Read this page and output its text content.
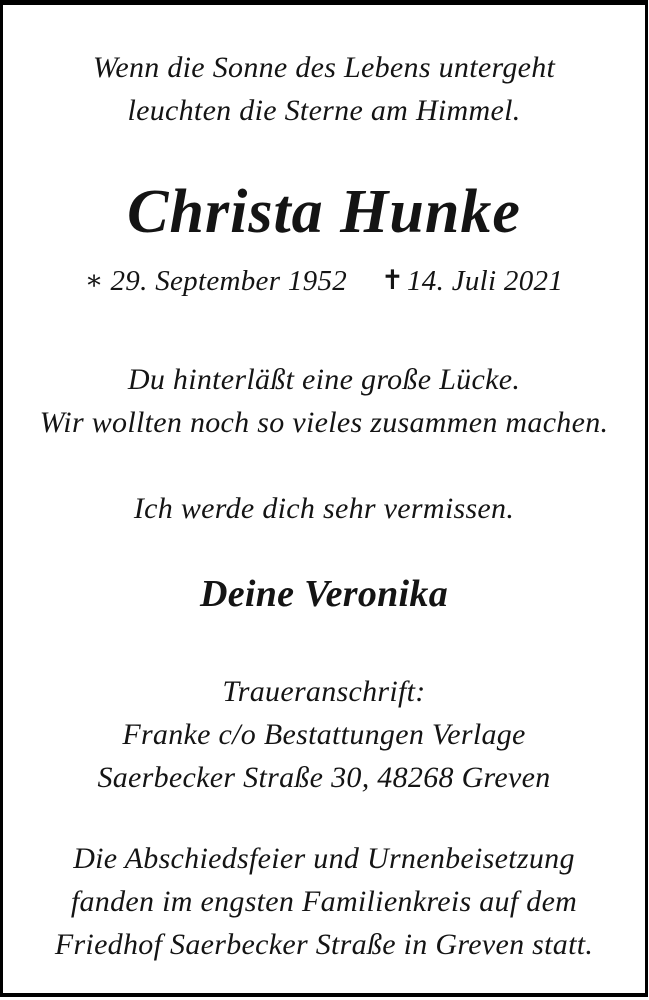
Wenn die Sonne des Lebens untergeht
leuchten die Sterne am Himmel.
Christa Hunke
∗ 29. September 1952 ✝ 14. Juli 2021
Du hinterläßt eine große Lücke.
Wir wollten noch so vieles zusammen machen.
Ich werde dich sehr vermissen.
Deine Veronika
Traueranschrift:
Franke c/o Bestattungen Verlage
Saerbecker Straße 30, 48268 Greven
Die Abschiedsfeier und Urnenbeisetzung
fanden im engsten Familienkreis auf dem
Friedhof Saerbecker Straße in Greven statt.
